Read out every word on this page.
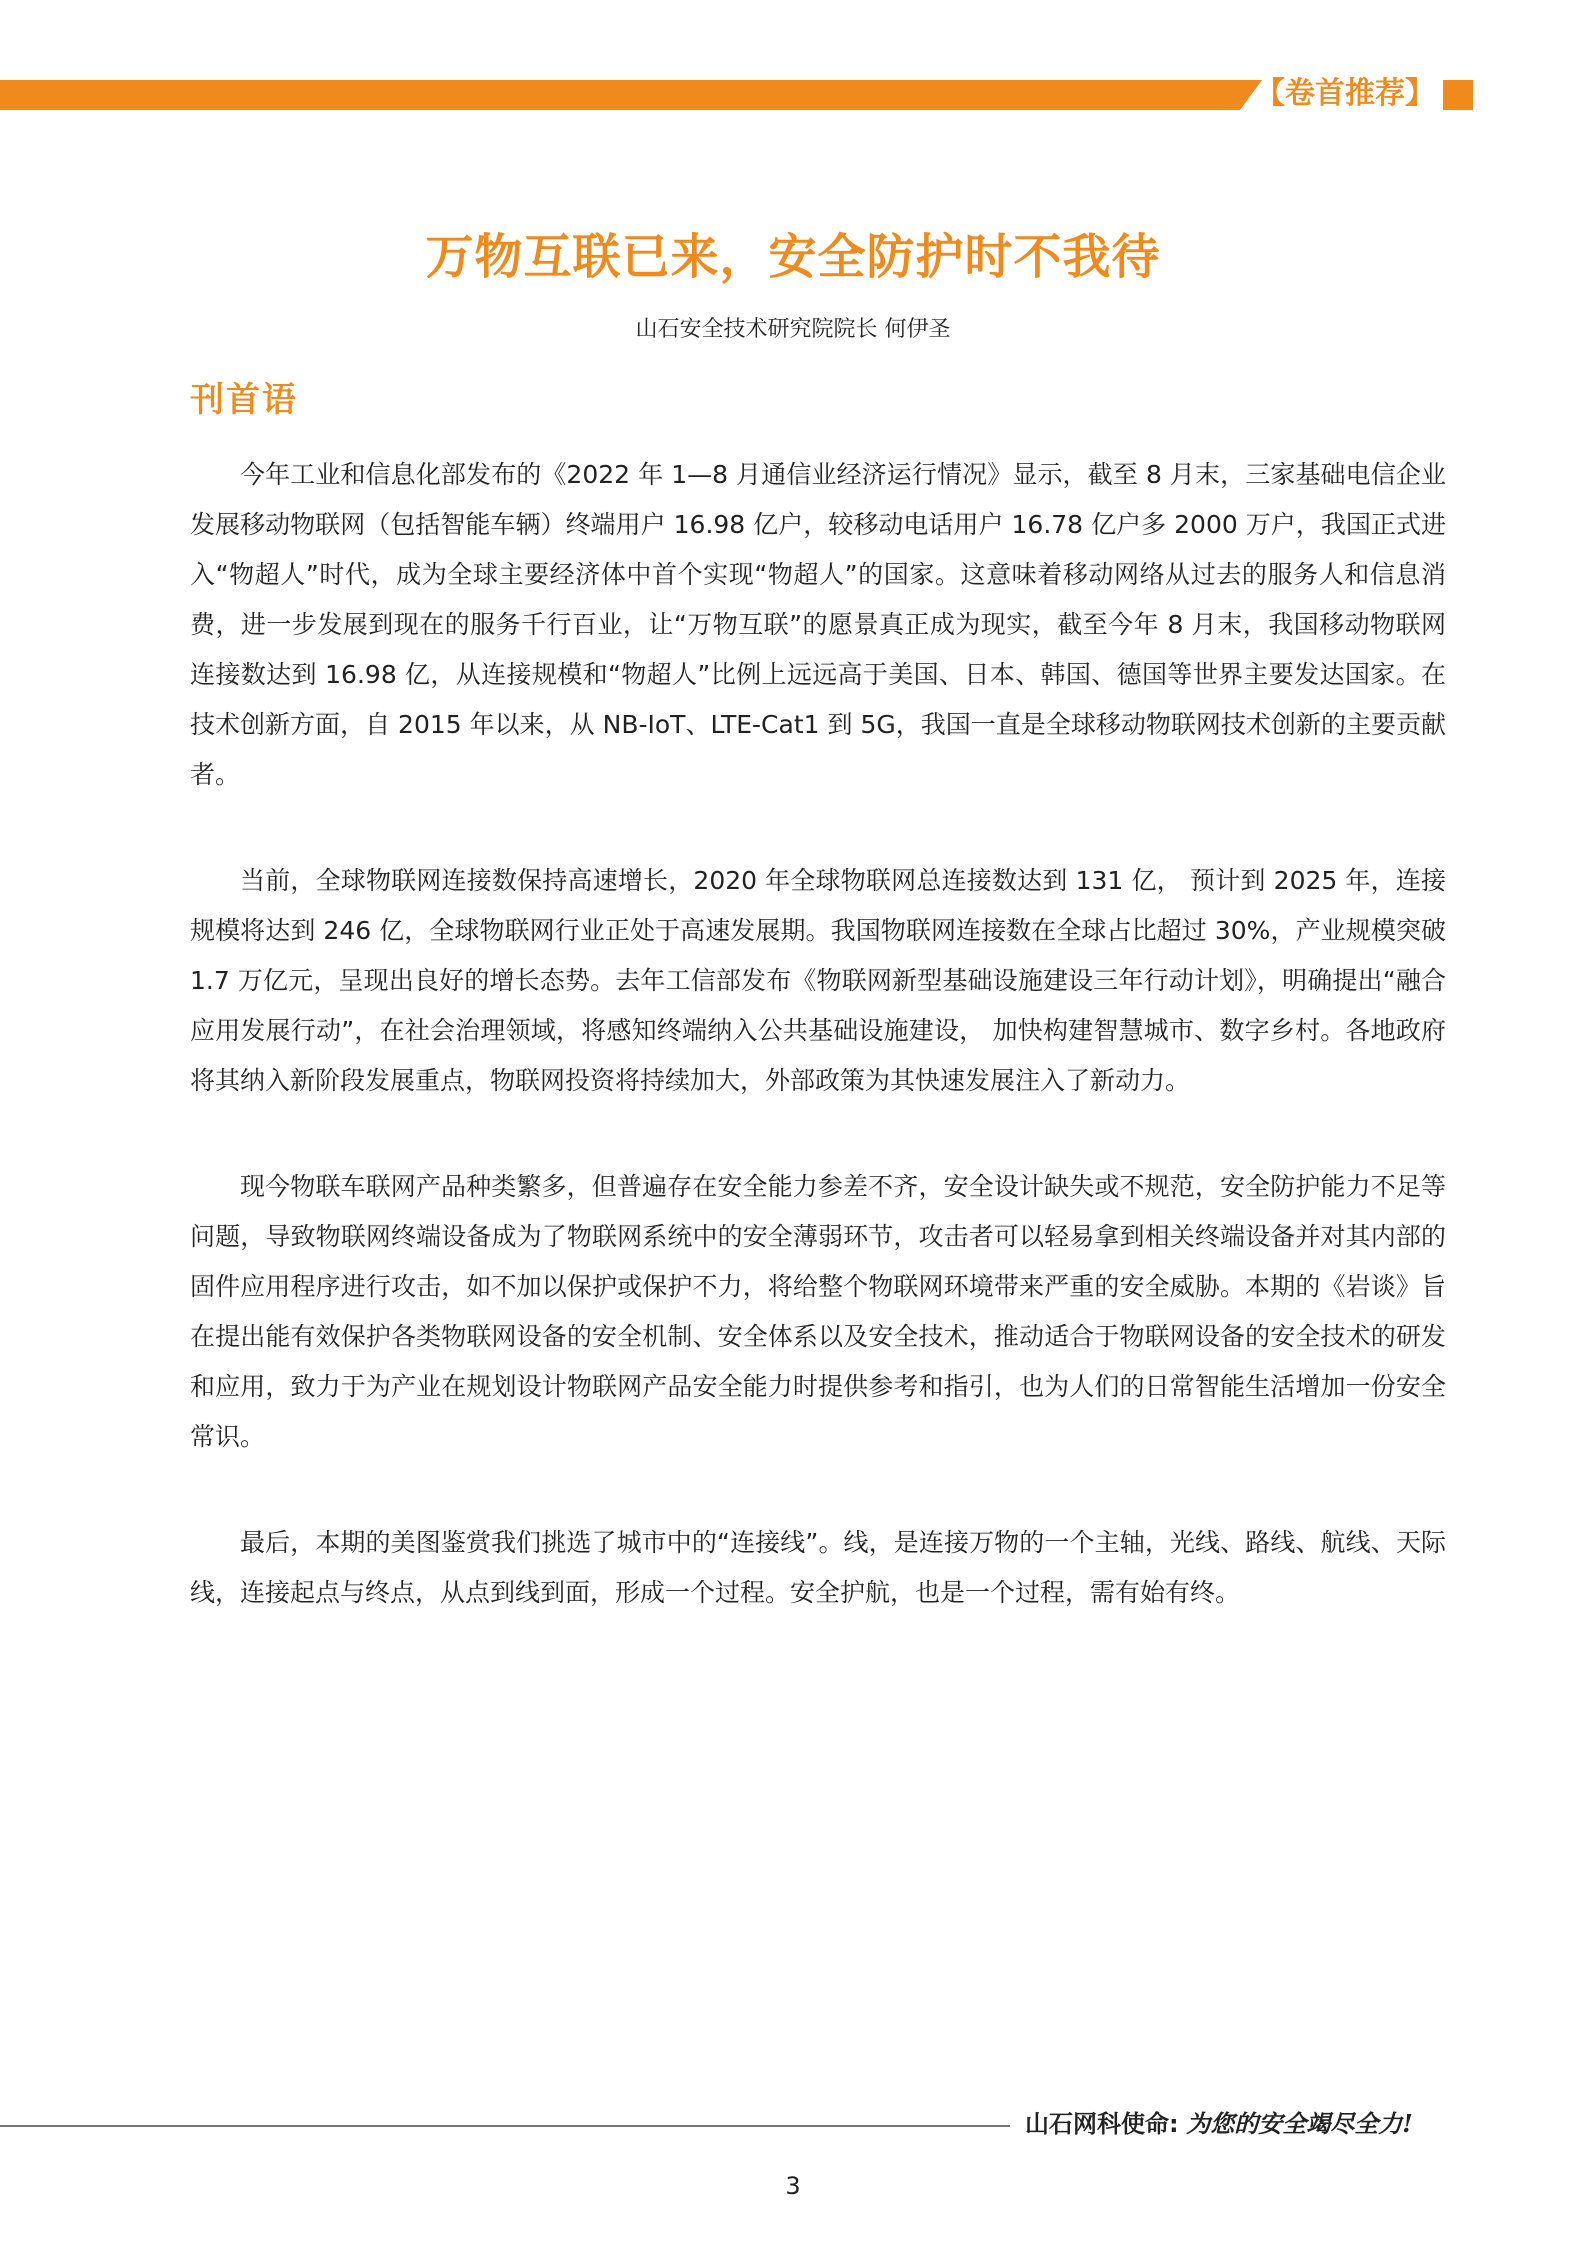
【卷首推荐】
万物互联已来，安全防护时不我待
山石安全技术研究院院长 何伊圣
刊首语

今年工业和信息化部发布的《2022 年 1—8 月通信业经济运行情况》显示，截至 8 月末，三家基础电信企业发展移动物联网（包括智能车辆）终端用户 16.98 亿户，较移动电话用户 16.78 亿户多 2000 万户，我国正式进入“物超人”时代，成为全球主要经济体中首个实现“物超人”的国家。这意味着移动网络从过去的服务人和信息消费，进一步发展到现在的服务千行百业，让“万物互联”的愿景真正成为现实，截至今年 8 月末，我国移动物联网连接数达到 16.98 亿，从连接规模和“物超人”比例上远远高于美国、日本、韩国、德国等世界主要发达国家。在技术创新方面，自 2015 年以来，从 NB-IoT、LTE-Cat1 到 5G，我国一直是全球移动物联网技术创新的主要贡献者。

当前，全球物联网连接数保持高速增长，2020 年全球物联网总连接数达到 131 亿， 预计到 2025 年，连接规模将达到 246 亿，全球物联网行业正处于高速发展期。我国物联网连接数在全球占比超过 30%，产业规模突破 1.7 万亿元，呈现出良好的增长态势。去年工信部发布《物联网新型基础设施建设三年行动计划》，明确提出“融合应用发展行动”，在社会治理领域，将感知终端纳入公共基础设施建设， 加快构建智慧城市、数字乡村。各地政府将其纳入新阶段发展重点，物联网投资将持续加大，外部政策为其快速发展注入了新动力。

现今物联车联网产品种类繁多，但普遍存在安全能力参差不齐，安全设计缺失或不规范，安全防护能力不足等问题，导致物联网终端设备成为了物联网系统中的安全薄弱环节，攻击者可以轻易拿到相关终端设备并对其内部的固件应用程序进行攻击，如不加以保护或保护不力，将给整个物联网环境带来严重的安全威胁。本期的《岩谈》旨在提出能有效保护各类物联网设备的安全机制、安全体系以及安全技术，推动适合于物联网设备的安全技术的研发和应用，致力于为产业在规划设计物联网产品安全能力时提供参考和指引，也为人们的日常智能生活增加一份安全常识。

最后，本期的美图鉴赏我们挑选了城市中的“连接线”。线，是连接万物的一个主轴，光线、路线、航线、天际线，连接起点与终点，从点到线到面，形成一个过程。安全护航，也是一个过程，需有始有终。

山石网科使命: 为您的安全竭尽全力!
3
